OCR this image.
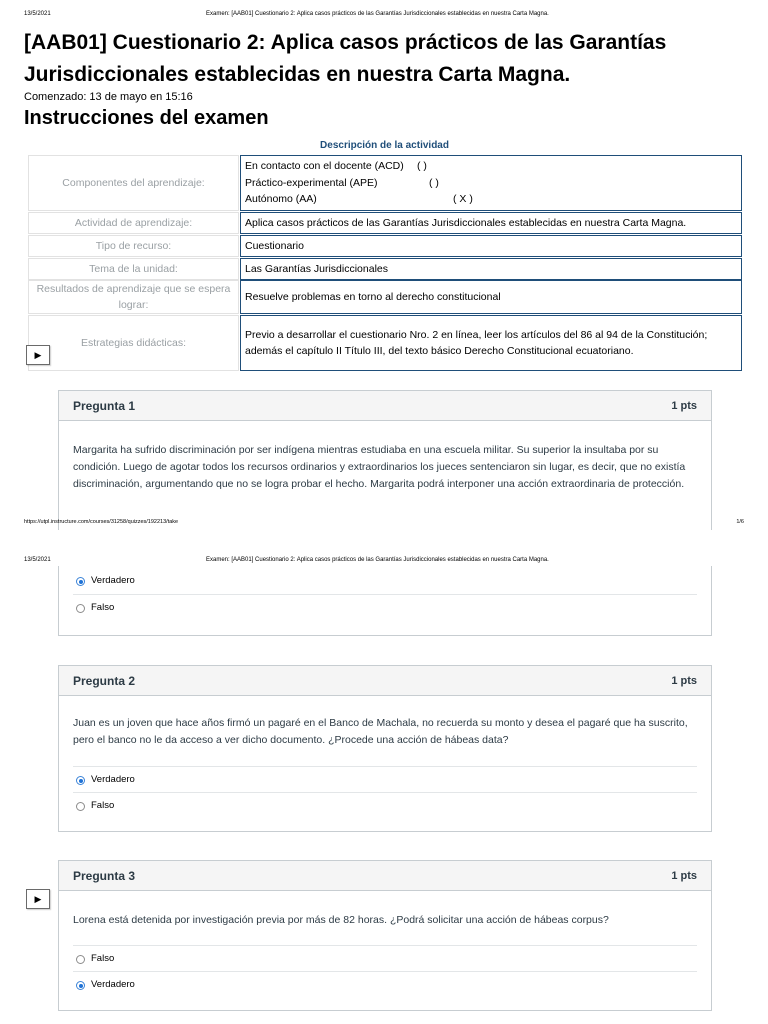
13/5/2021	Examen: [AAB01] Cuestionario 2: Aplica casos prácticos de las Garantías Jurisdiccionales establecidas en nuestra Carta Magna.
[AAB01] Cuestionario 2: Aplica casos prácticos de las Garantías Jurisdiccionales establecidas en nuestra Carta Magna.
Comenzado: 13 de mayo en 15:16
Instrucciones del examen
Descripción de la actividad
Componentes del aprendizaje:
En contacto con el docente (ACD) ( )
Práctico-experimental (APE)	( )
Autónomo (AA)	( X )
Actividad de aprendizaje:	Aplica casos prácticos de las Garantías Jurisdiccionales establecidas en nuestra Carta Magna.
Tipo de recurso:	Cuestionario
Tema de la unidad:	Las Garantías Jurisdiccionales
Resultados de aprendizaje que se espera lograr:
Resuelve problemas en torno al derecho constitucional
Estrategias didácticas:
Previo a desarrollar el cuestionario Nro. 2 en línea, leer los artículos del 86 al 94 de la Constitución; además el capítulo II Título III, del texto básico Derecho Constitucional ecuatoriano.
▶
Pregunta 1	1 pts
Margarita ha sufrido discriminación por ser indígena mientras estudiaba en una escuela militar. Su superior la insultaba por su condición. Luego de agotar todos los recursos ordinarios y extraordinarios los jueces sentenciaron sin lugar, es decir, que no existía discriminación, argumentando que no se logra probar el hecho. Margarita podrá interponer una acción extraordinaria de protección.
https://utpl.instructure.com/courses/31258/quizzes/192213/take	1/6
13/5/2021	Examen: [AAB01] Cuestionario 2: Aplica casos prácticos de las Garantías Jurisdiccionales establecidas en nuestra Carta Magna.
Verdadero
Falso
Pregunta 2	1 pts
Juan es un joven que hace años firmó un pagaré en el Banco de Machala, no recuerda su monto y desea el pagaré que ha suscrito, pero el banco no le da acceso a ver dicho documento. ¿Procede una acción de hábeas data?
Verdadero
Falso
Pregunta 3	1 pts
Lorena está detenida por investigación previa por más de 82 horas. ¿Podrá solicitar una acción de hábeas corpus?
Falso
Verdadero
▶
